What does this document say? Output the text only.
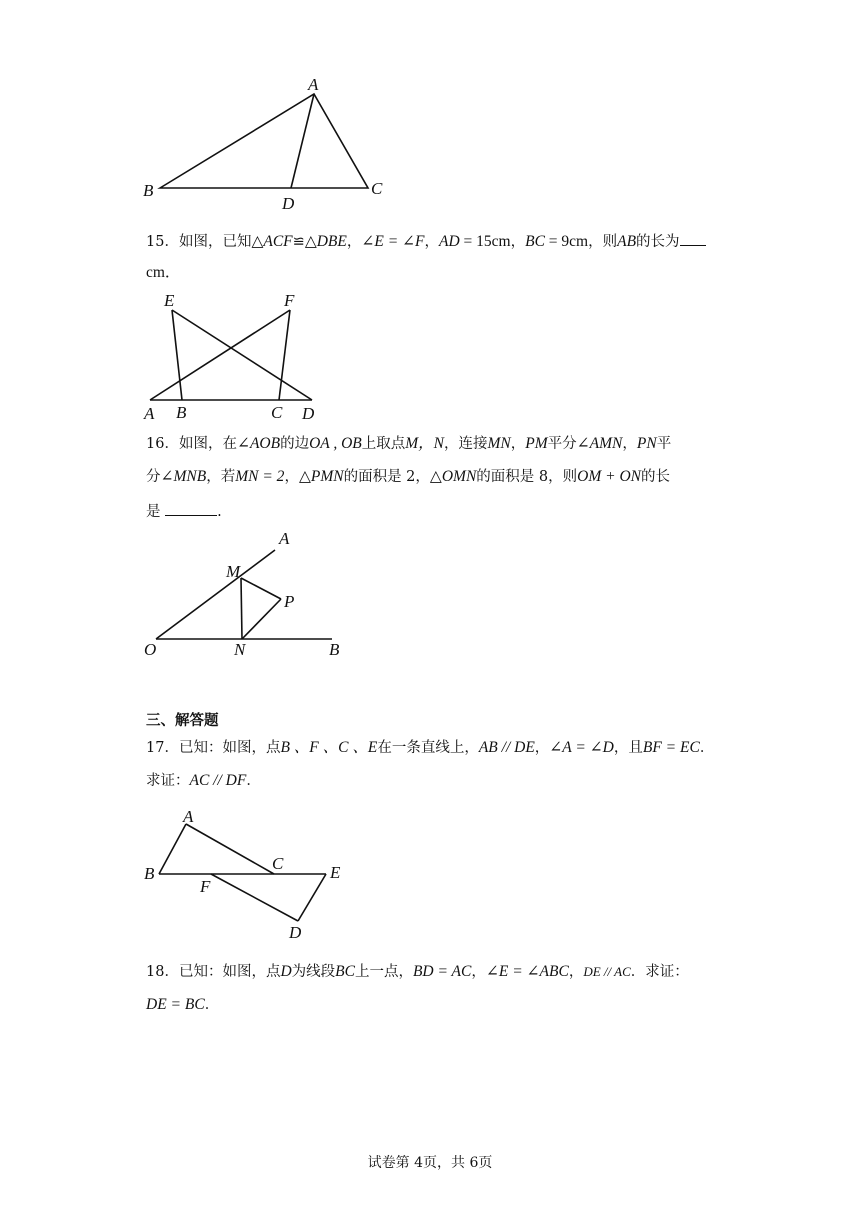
A
B	C
D
15．如图，已知△ACF≌△DBE，∠E = ∠F，AD = 15cm，BC = 9cm，则AB的长为
cm．
E	F
A B	C D
16．如图，在∠AOB的边OA , OB上取点M，N，连接MN，PM平分∠AMN，PN平
分∠MNB，若MN = 2，△PMN的面积是 2，△OMN的面积是 8，则OM + ON的长
是	.
A
M
P
O	N	B
三、解答题
17．已知：如图，点B 、F 、C 、E在一条直线上，AB // DE，∠A = ∠D，且BF = EC．
求证：AC // DF．
A
B
C	E
F
D
18．已知：如图，点D为线段BC上一点，BD = AC，∠E = ∠ABC，DE // AC．求证：
DE = BC．
试卷第 4页，共 6页
